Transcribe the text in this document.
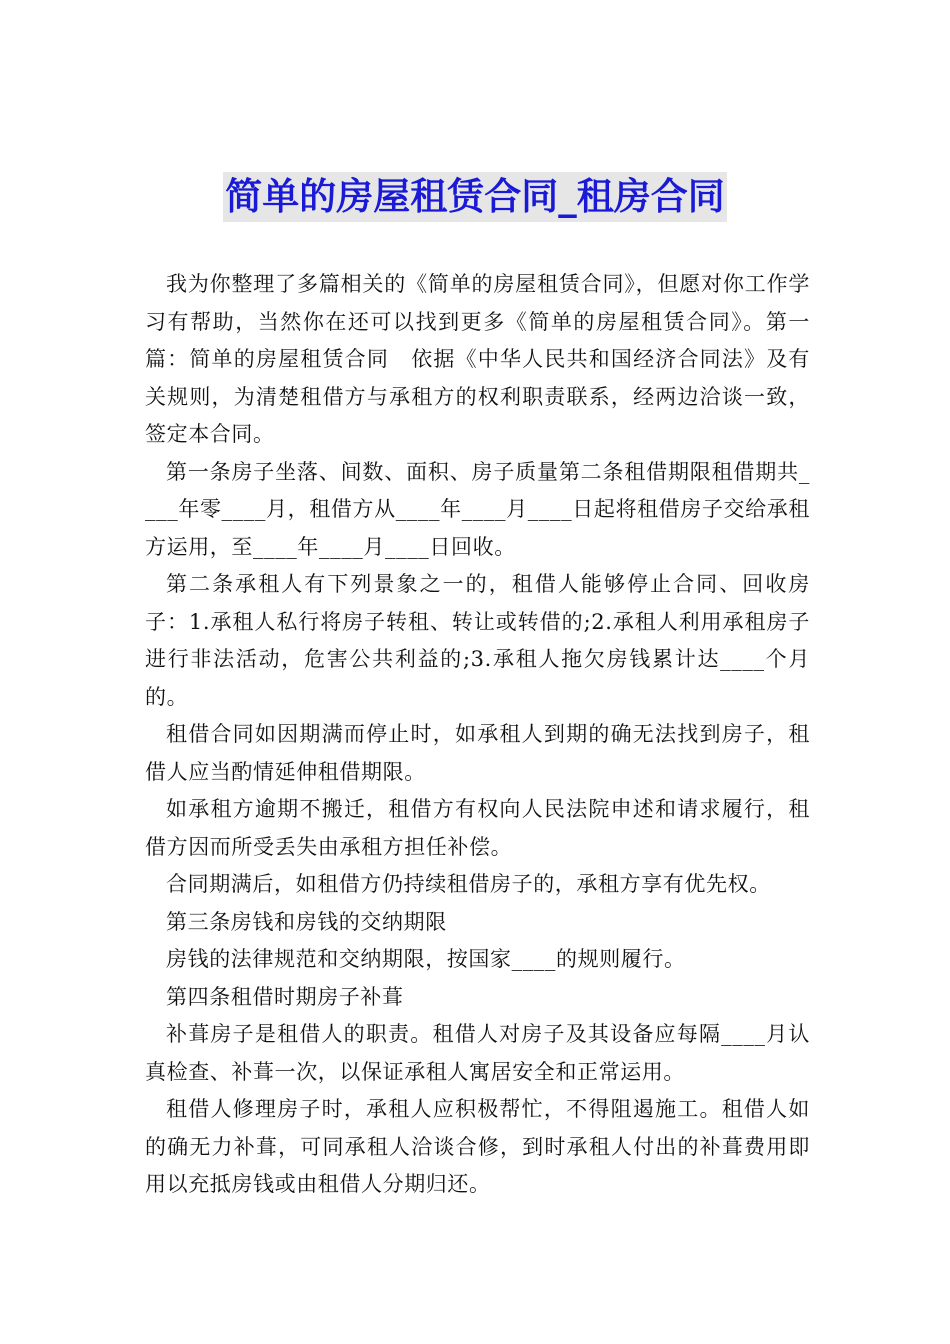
简单的房屋租赁合同_租房合同

我为你整理了多篇相关的《简单的房屋租赁合同》，但愿对你工作学习有帮助，当然你在还可以找到更多《简单的房屋租赁合同》。第一篇：简单的房屋租赁合同　依据《中华人民共和国经济合同法》及有关规则，为清楚租借方与承租方的权利职责联系，经两边洽谈一致，签定本合同。

第一条房子坐落、间数、面积、房子质量第二条租借期限租借期共____年零____月，租借方从____年____月____日起将租借房子交给承租方运用，至____年____月____日回收。

第二条承租人有下列景象之一的，租借人能够停止合同、回收房子：1.承租人私行将房子转租、转让或转借的;2.承租人利用承租房子进行非法活动，危害公共利益的;3.承租人拖欠房钱累计达____个月的。

租借合同如因期满而停止时，如承租人到期的确无法找到房子，租借人应当酌情延伸租借期限。

如承租方逾期不搬迁，租借方有权向人民法院申述和请求履行，租借方因而所受丢失由承租方担任补偿。

合同期满后，如租借方仍持续租借房子的，承租方享有优先权。

第三条房钱和房钱的交纳期限

房钱的法律规范和交纳期限，按国家____的规则履行。

第四条租借时期房子补葺

补葺房子是租借人的职责。租借人对房子及其设备应每隔____月认真检查、补葺一次，以保证承租人寓居安全和正常运用。

租借人修理房子时，承租人应积极帮忙，不得阻遏施工。租借人如的确无力补葺，可同承租人洽谈合修，到时承租人付出的补葺费用即用以充抵房钱或由租借人分期归还。
